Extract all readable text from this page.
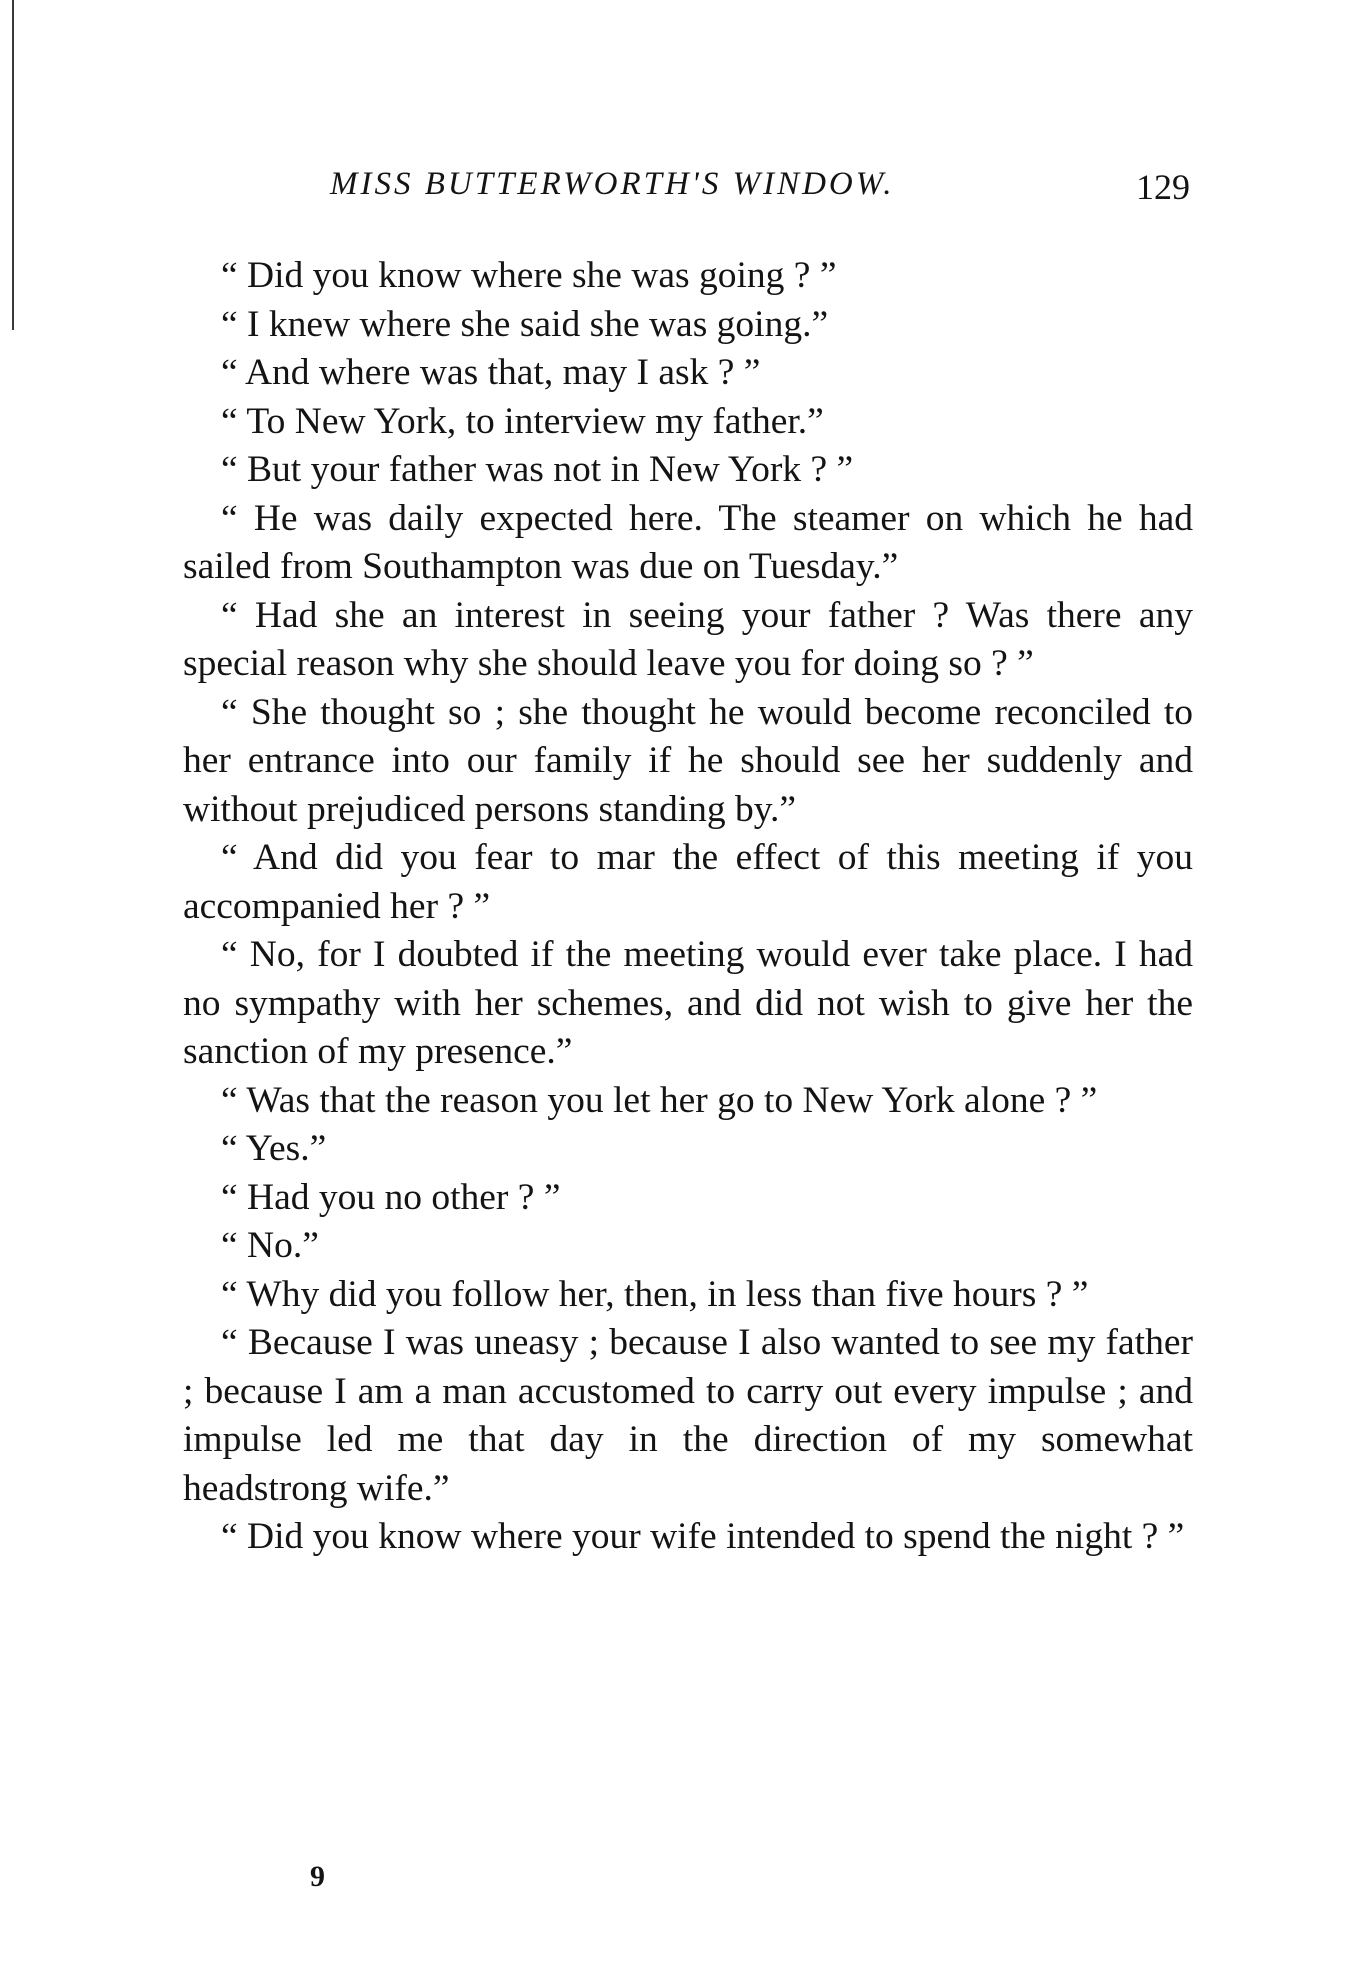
MISS BUTTERWORTH'S WINDOW.	129

“ Did you know where she was going ? ”

“ I knew where she said she was going.”

“ And where was that, may I ask ? ”

“ To New York, to interview my father.”

“ But your father was not in New York ? ”

“ He was daily expected here. The steamer on which he had sailed from Southampton was due on Tuesday.”

“ Had she an interest in seeing your father ? Was there any special reason why she should leave you for doing so ? ”

“ She thought so ; she thought he would become reconciled to her entrance into our family if he should see her suddenly and without prejudiced persons standing by.”

“ And did you fear to mar the effect of this meeting if you accompanied her ? ”

“ No, for I doubted if the meeting would ever take place. I had no sympathy with her schemes, and did not wish to give her the sanction of my presence.”

“ Was that the reason you let her go to New York alone ? ”

“ Yes.”

“ Had you no other ? ”

“ No.”

“ Why did you follow her, then, in less than five hours ? ”

“ Because I was uneasy ; because I also wanted to see my father ; because I am a man accustomed to carry out every impulse ; and impulse led me that day in the direction of my somewhat headstrong wife.”

“ Did you know where your wife intended to spend the night ? ”

9
